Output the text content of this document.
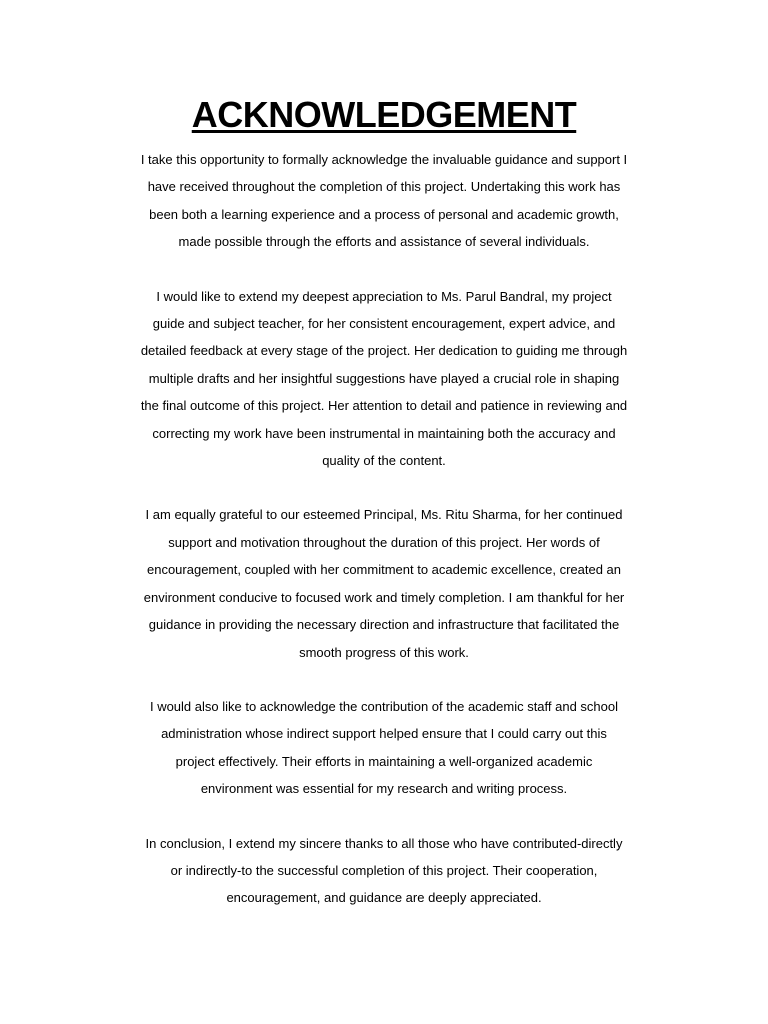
ACKNOWLEDGEMENT

I take this opportunity to formally acknowledge the invaluable guidance and support I have received throughout the completion of this project. Undertaking this work has been both a learning experience and a process of personal and academic growth, made possible through the efforts and assistance of several individuals.

I would like to extend my deepest appreciation to Ms. Parul Bandral, my project guide and subject teacher, for her consistent encouragement, expert advice, and detailed feedback at every stage of the project. Her dedication to guiding me through multiple drafts and her insightful suggestions have played a crucial role in shaping the final outcome of this project. Her attention to detail and patience in reviewing and correcting my work have been instrumental in maintaining both the accuracy and quality of the content.

I am equally grateful to our esteemed Principal, Ms. Ritu Sharma, for her continued support and motivation throughout the duration of this project. Her words of encouragement, coupled with her commitment to academic excellence, created an environment conducive to focused work and timely completion. I am thankful for her guidance in providing the necessary direction and infrastructure that facilitated the smooth progress of this work.

I would also like to acknowledge the contribution of the academic staff and school administration whose indirect support helped ensure that I could carry out this project effectively. Their efforts in maintaining a well-organized academic environment was essential for my research and writing process.

In conclusion, I extend my sincere thanks to all those who have contributed-directly or indirectly-to the successful completion of this project. Their cooperation, encouragement, and guidance are deeply appreciated.
